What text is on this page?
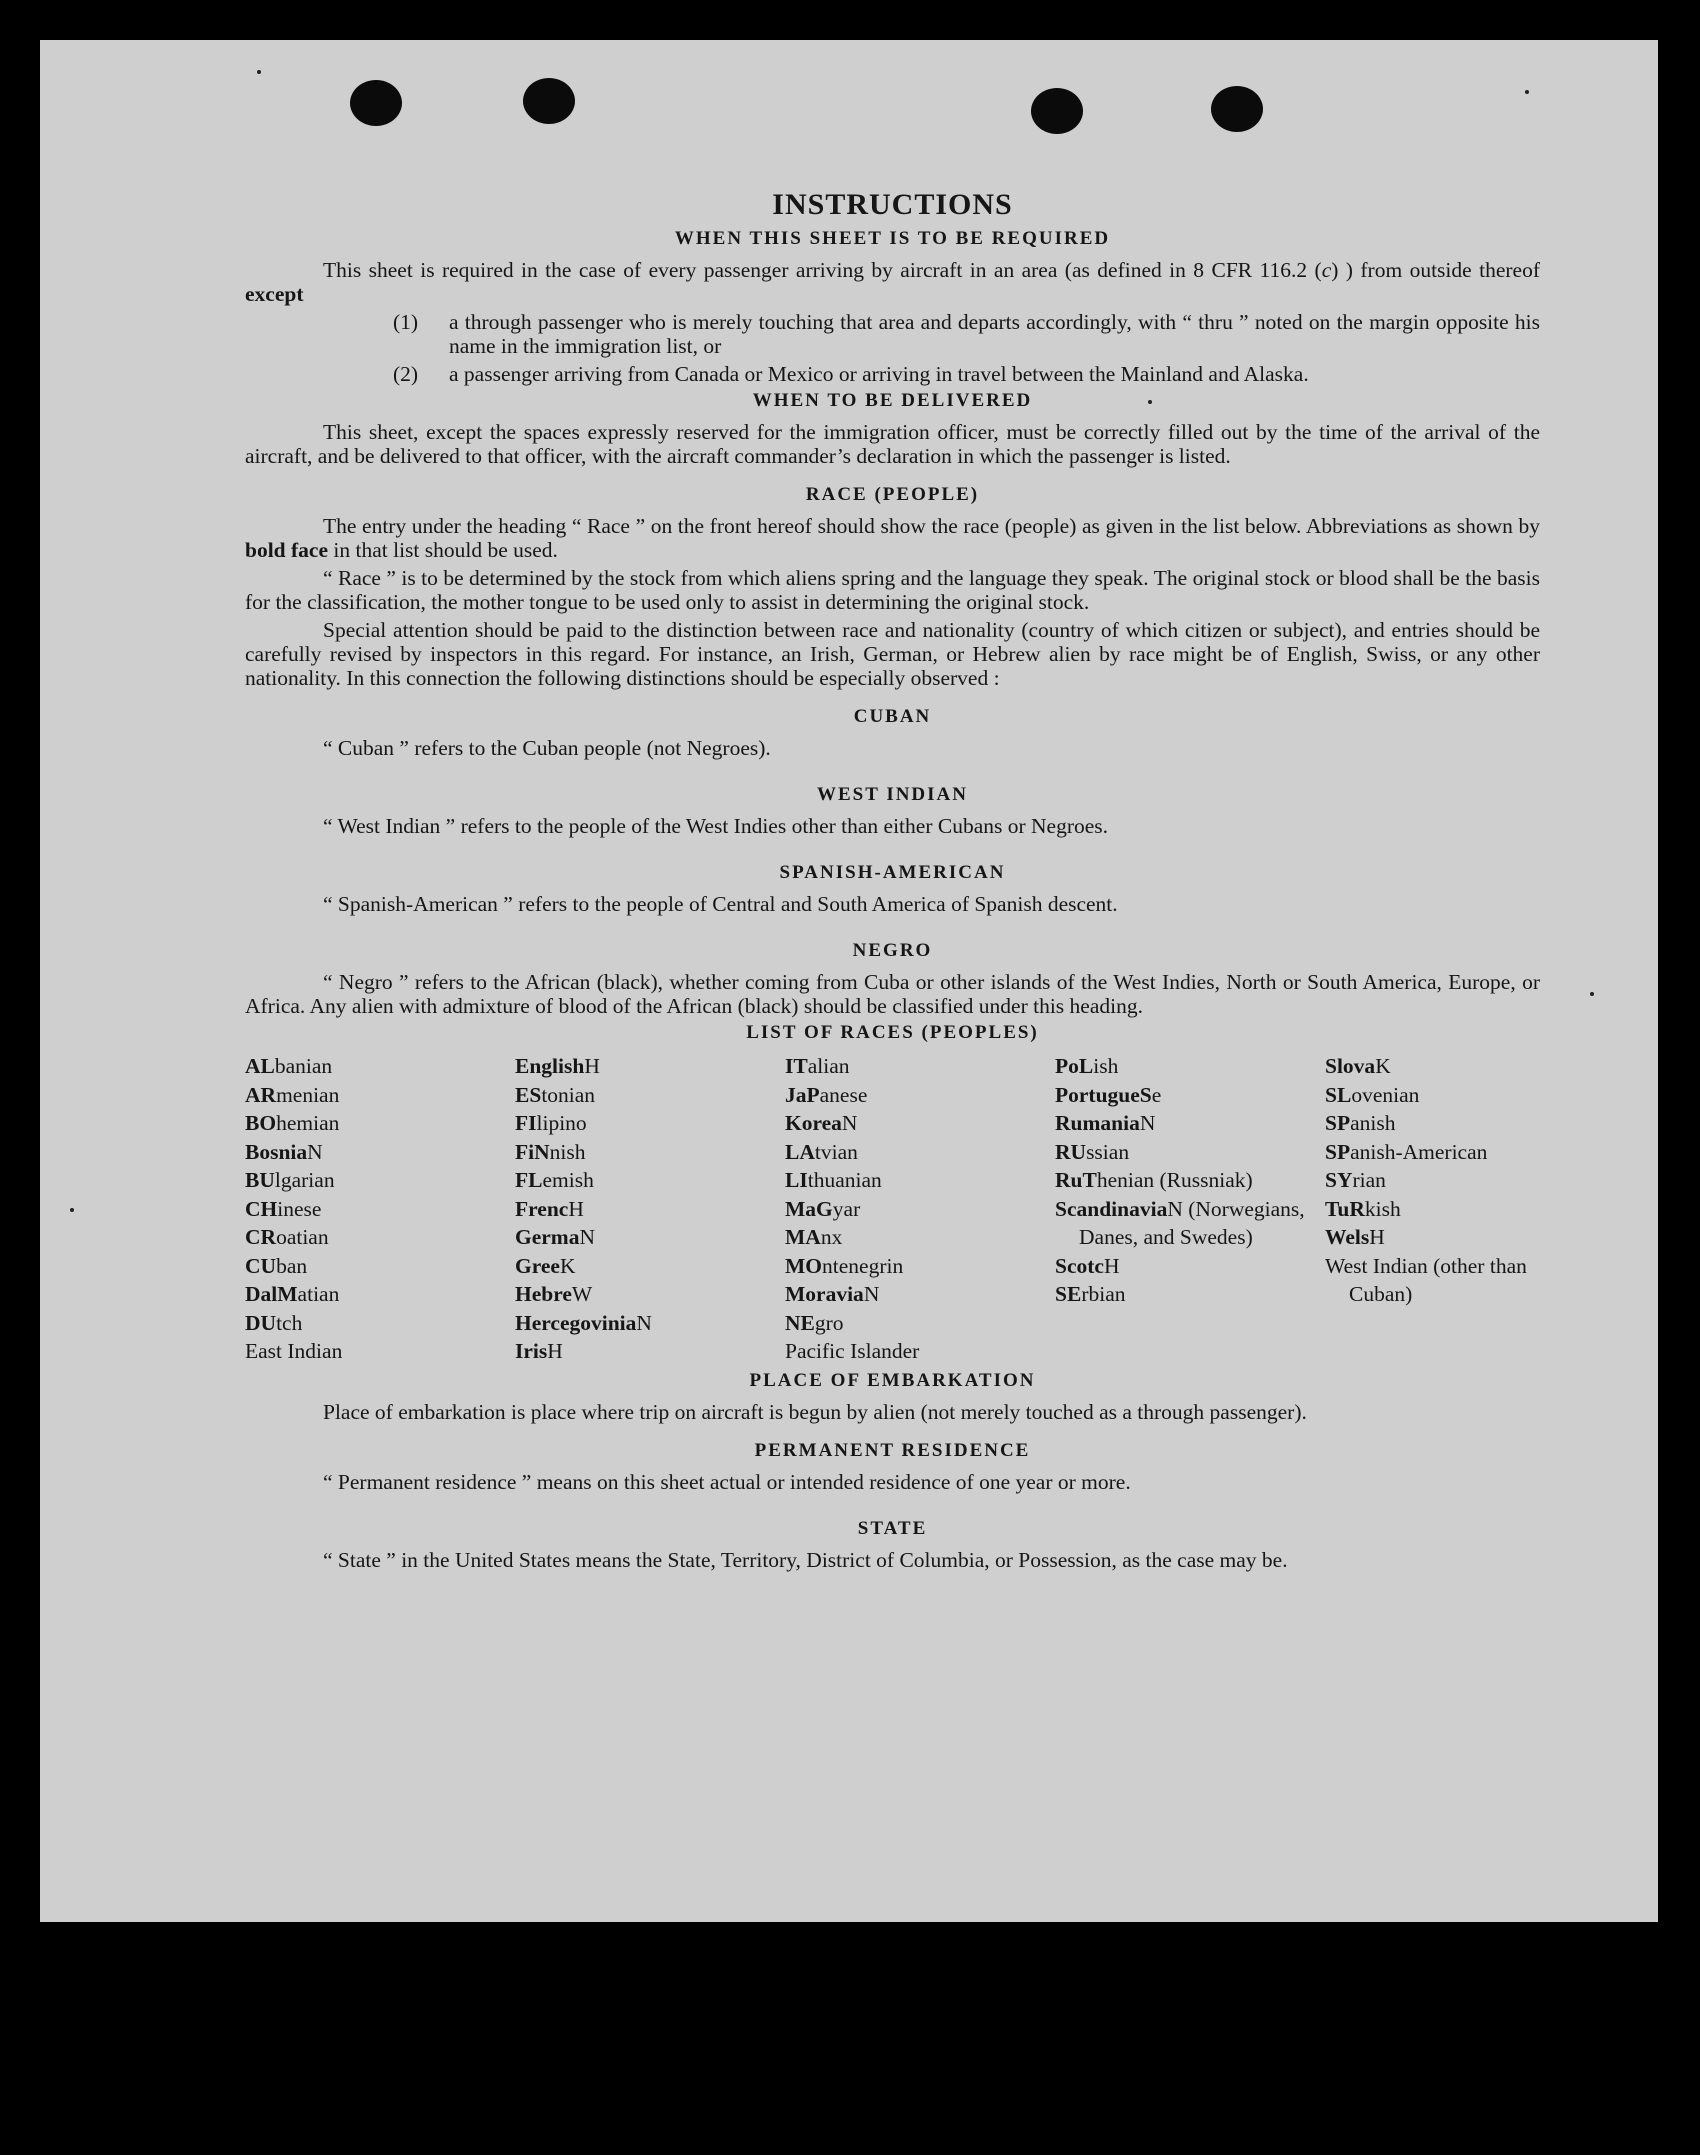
INSTRUCTIONS
WHEN THIS SHEET IS TO BE REQUIRED

This sheet is required in the case of every passenger arriving by aircraft in an area (as defined in 8 CFR 116.2 (c) ) from outside thereof except

(1)	a through passenger who is merely touching that area and departs accordingly, with “ thru ” noted on the margin opposite his name in the immigration list, or
(2)	a passenger arriving from Canada or Mexico or arriving in travel between the Mainland and Alaska.
WHEN TO BE DELIVERED

This sheet, except the spaces expressly reserved for the immigration officer, must be correctly filled out by the time of the arrival of the aircraft, and be delivered to that officer, with the aircraft commander’s declaration in which the passenger is listed.

RACE (PEOPLE)

The entry under the heading “ Race ” on the front hereof should show the race (people) as given in the list below. Abbreviations as shown by bold face in that list should be used.

“ Race ” is to be determined by the stock from which aliens spring and the language they speak. The original stock or blood shall be the basis for the classification, the mother tongue to be used only to assist in determining the original stock.

Special attention should be paid to the distinction between race and nationality (country of which citizen or subject), and entries should be carefully revised by inspectors in this regard. For instance, an Irish, German, or Hebrew alien by race might be of English, Swiss, or any other nationality. In this connection the following distinctions should be especially observed :

CUBAN

“ Cuban ” refers to the Cuban people (not Negroes).

WEST INDIAN

“ West Indian ” refers to the people of the West Indies other than either Cubans or Negroes.

SPANISH-AMERICAN

“ Spanish-American ” refers to the people of Central and South America of Spanish descent.

NEGRO

“ Negro ” refers to the African (black), whether coming from Cuba or other islands of the West Indies, North or South America, Europe, or Africa. Any alien with admixture of blood of the African (black) should be classified under this heading.

LIST OF RACES (PEOPLES)
ALbanian
ARmenian
BOhemian
BosniaN
BUlgarian
CHinese
CRoatian
CUban
DalMatian
DUtch
East Indian
EnglishH
EStonian
FIlipino
FiNnish
FLemish
FrencH
GermaN
GreeK
HebreW
HercegoviniaN
IrisH
ITalian
JaPanese
KoreaN
LAtvian
LIthuanian
MaGyar
MAnx
MOntenegrin
MoraviaN
NEgro
Pacific Islander
PoLish
PortugueSe
RumaniaN
RUssian
RuThenian (Russniak)
ScandinaviaN (Norwegians, Danes, and Swedes)
ScotcH
SErbian
SlovaK
SLovenian
SPanish
SPanish-American
SYrian
TuRkish
WelsH
West Indian (other than Cuban)
PLACE OF EMBARKATION

Place of embarkation is place where trip on aircraft is begun by alien (not merely touched as a through passenger).

PERMANENT RESIDENCE

“ Permanent residence ” means on this sheet actual or intended residence of one year or more.

STATE

“ State ” in the United States means the State, Territory, District of Columbia, or Possession, as the case may be.
